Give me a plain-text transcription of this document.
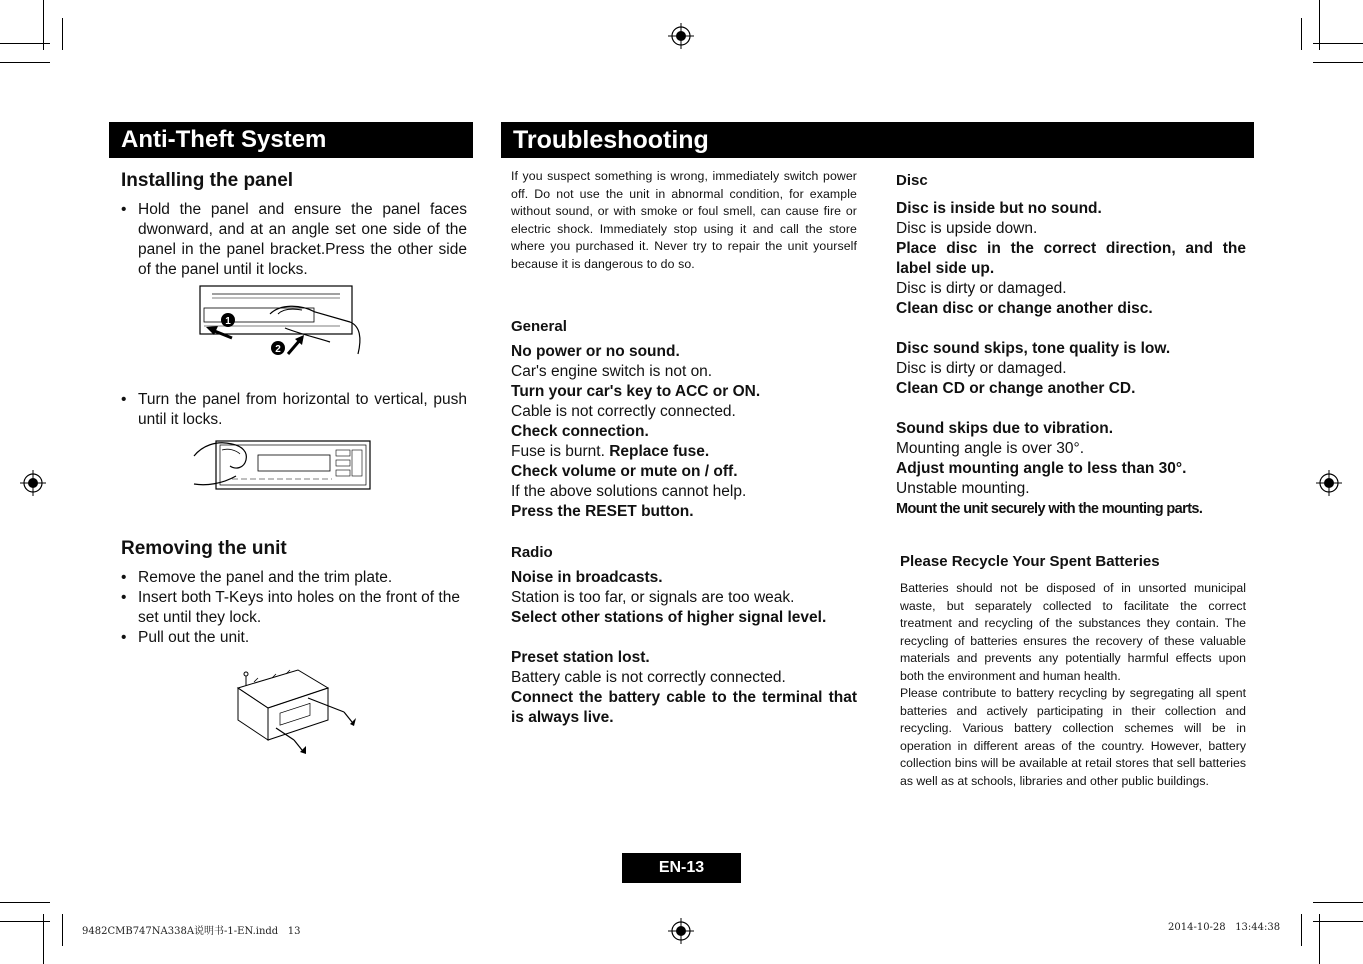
Anti-Theft System
Installing the panel
• Hold the panel and ensure the panel faces dwonward, and at an angle set one side of the panel in the panel bracket.Press the other side of the panel until it locks.
1
2
• Turn the panel from horizontal to vertical, push until it locks.
Removing the unit
• Remove the panel and the trim plate.
• Insert both T-Keys into holes on the front of the set until they lock.
• Pull out the unit.
Troubleshooting
If you suspect something is wrong, immediately switch power off. Do not use the unit in abnormal condition, for example without sound, or with smoke or foul smell, can cause fire or electric shock. Immediately stop using it and call the store where you purchased it. Never try to repair the unit yourself because it is dangerous to do so.
General
No power or no sound.
Car's engine switch is not on.
Turn your car's key to ACC or ON.
Cable is not correctly connected.
Check connection.
Fuse is burnt. Replace fuse.
Check volume or mute on / off.
If the above solutions cannot help.
Press the RESET button.
Radio
Noise in broadcasts.
Station is too far, or signals are too weak.
Select other stations of higher signal level.
Preset station lost.
Battery cable is not correctly connected.
Connect the battery cable to the terminal that is always live.
Disc
Disc is inside but no sound.
Disc is upside down.
Place disc in the correct direction, and the label side up.
Disc is dirty or damaged.
Clean disc or change another disc.
Disc sound skips, tone quality is low.
Disc is dirty or damaged.
Clean CD or change another CD.
Sound skips due to vibration.
Mounting angle is over 30°.
Adjust mounting angle to less than 30°.
Unstable mounting.
Mount the unit securely with the mounting parts.
Please Recycle Your Spent Batteries
Batteries should not be disposed of in unsorted municipal waste, but separately collected to facilitate the correct treatment and recycling of the substances they contain. The recycling of batteries ensures the recovery of these valuable materials and prevents any potentially harmful effects upon both the environment and human health.
Please contribute to battery recycling by segregating all spent batteries and actively participating in their collection and recycling. Various battery collection schemes will be in operation in different areas of the country. However, battery collection bins will be available at retail stores that sell batteries as well as at schools, libraries and other public buildings.
EN-13
9482CMB747NA338A说明书-1-EN.indd   13	2014-10-28   13:44:38
